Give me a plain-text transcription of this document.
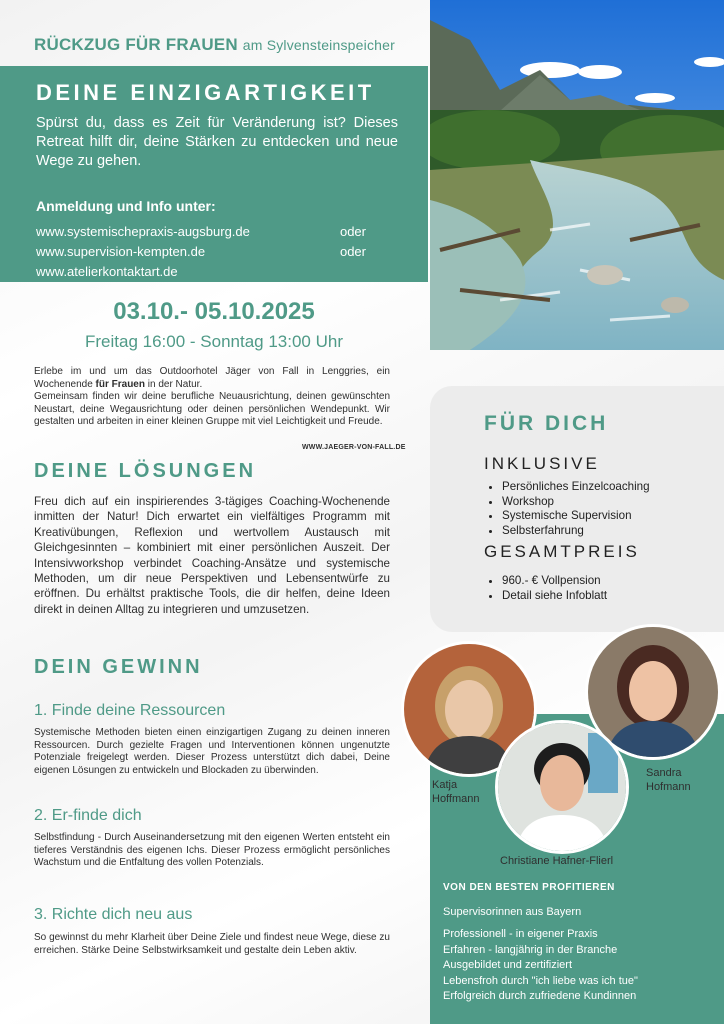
RÜCKZUG FÜR FRAUEN am Sylvensteinspeicher
DEINE EINZIGARTIGKEIT
Spürst du, dass es Zeit für Veränderung ist? Dieses Retreat hilft dir, deine Stärken zu entdecken und neue Wege zu gehen.
Anmeldung und Info unter:
www.systemischepraxis-augsburg.de	oder
www.supervision-kempten.de	oder
www.atelierkontaktart.de
03.10.- 05.10.2025
Freitag 16:00 - Sonntag 13:00 Uhr
Erlebe im und um das Outdoorhotel Jäger von Fall in Lenggries, ein Wochenende für Frauen in der Natur.
Gemeinsam finden wir deine berufliche Neuausrichtung, deinen gewünschten Neustart, deine Wegausrichtung oder deinen persönlichen Wendepunkt. Wir gestalten und arbeiten in einer kleinen Gruppe mit viel Leichtigkeit und Freude.
WWW.JAEGER-VON-FALL.DE
DEINE LÖSUNGEN
Freu dich auf ein inspirierendes 3-tägiges Coaching-Wochenende inmitten der Natur! Dich erwartet ein vielfältiges Programm mit Kreativübungen, Reflexion und wertvollem Austausch mit Gleichgesinnten – kombiniert mit einer persönlichen Auszeit. Der Intensivworkshop verbindet Coaching-Ansätze und systemische Methoden, um dir neue Perspektiven und Lebensentwürfe zu eröffnen. Du erhältst praktische Tools, die dir helfen, deine Ideen direkt in deinen Alltag zu integrieren und umzusetzen.
DEIN GEWINN
1. Finde deine Ressourcen
Systemische Methoden bieten einen einzigartigen Zugang zu deinen inneren Ressourcen. Durch gezielte Fragen und Interventionen können ungenutzte Potenziale freigelegt werden. Dieser Prozess unterstützt dich dabei, Deine eigenen Lösungen zu entwickeln und Blockaden zu überwinden.
2. Er-finde dich
Selbstfindung - Durch Auseinandersetzung mit den eigenen Werten entsteht ein tieferes Verständnis des eigenen Ichs. Dieser Prozess ermöglicht persönliches Wachstum und die Entfaltung des vollen Potenzials.
3. Richte dich neu aus
So gewinnst du mehr Klarheit über Deine Ziele und findest neue Wege, diese zu erreichen. Stärke Deine Selbstwirksamkeit und gestalte dein Leben aktiv.
FÜR DICH
INKLUSIVE
• Persönliches Einzelcoaching
• Workshop
• Systemische Supervision
• Selbsterfahrung
GESAMTPREIS
• 960.- € Vollpension
• Detail siehe Infoblatt
Katja
Hoffmann
Sandra
Hofmann
Christiane Hafner-Flierl
VON DEN BESTEN PROFITIEREN
Supervisorinnen aus Bayern
Professionell - in eigener Praxis
Erfahren - langjährig in der Branche
Ausgebildet und zertifiziert
Lebensfroh durch "ich liebe was ich tue"
Erfolgreich durch zufriedene Kundinnen
